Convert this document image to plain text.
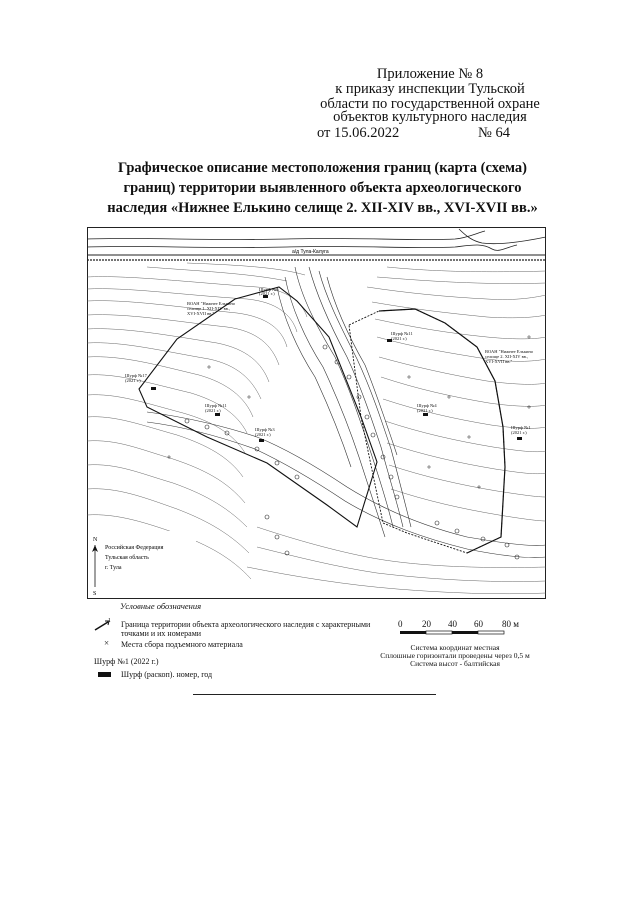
Приложение № 8
к приказу инспекции Тульской
области по государственной охране
объектов культурного наследия
от 15.06.2022	№ 64
Графическое описание местоположения границ (карта (схема)
границ) территории выявленного объекта археологического
наследия «Нижнее Елькино селище 2. XII-XIV вв., XVI-XVII вв.»
а/д Тула-Калуга
Шурф №6
(2021 г.)
Шурф №17
(2021 г.)
Шурф №11
(2021 г.)
Шурф №3
(2021 г.)
Шурф №11
(2021 г.)
Шурф №4
(2021 г.)
Шурф №1
(2021 г.)
ВОАН "Нижнее Елькино
селище 1. XII-XIV вв.,
XVI-XVII вв."
ВОАН "Нижнее Елькино
селище 2. XII-XIV вв.,
XVI-XVII вв."
N
S
Российская Федерация
Тульская область
г. Тула
Условные обозначения
1 Граница территории объекта археологического наследия с характерными
точками и их номерами
× Места сбора подъемного материала
Шурф №1 (2022 г.)
Шурф (раскоп). номер, год
0 20 40 60 80 м
Система координат местная
Сплошные горизонтали проведены через 0,5 м
Система высот - балтийская
